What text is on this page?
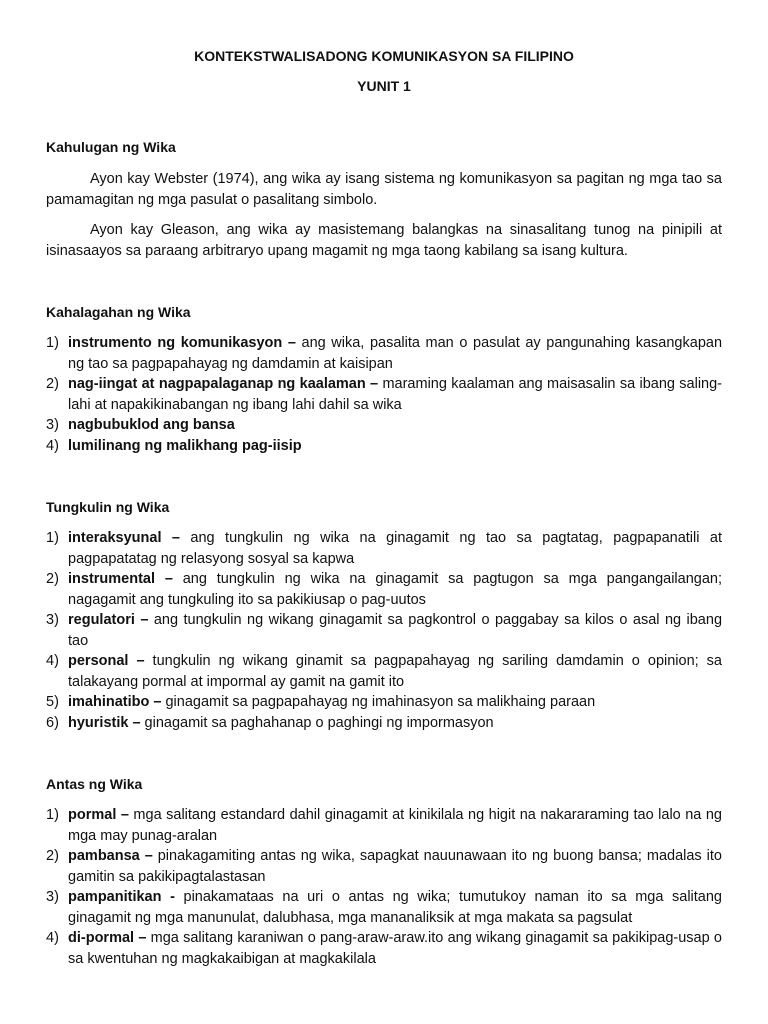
KONTEKSTWALISADONG KOMUNIKASYON SA FILIPINO
YUNIT 1
Kahulugan ng Wika
Ayon kay Webster (1974), ang wika ay isang sistema ng komunikasyon sa pagitan ng mga tao sa pamamagitan ng mga pasulat o pasalitang simbolo.
Ayon kay Gleason, ang wika ay masistemang balangkas na sinasalitang tunog na pinipili at isinasaayos sa paraang arbitraryo upang magamit ng mga taong kabilang sa isang kultura.
Kahalagahan ng Wika
1) instrumento ng komunikasyon – ang wika, pasalita man o pasulat ay pangunahing kasangkapan ng tao sa pagpapahayag ng damdamin at kaisipan
2) nag-iingat at nagpapalaganap ng kaalaman – maraming kaalaman ang maisasalin sa ibang saling-lahi at napakikinabangan ng ibang lahi dahil sa wika
3) nagbubuklod ang bansa
4) lumilinang ng malikhang pag-iisip
Tungkulin ng Wika
1) interaksyunal – ang tungkulin ng wika na ginagamit ng tao sa pagtatag, pagpapanatili at pagpapatatag ng relasyong sosyal sa kapwa
2) instrumental – ang tungkulin ng wika na ginagamit sa pagtugon sa mga pangangailangan; nagagamit ang tungkuling ito sa pakikiusap o pag-uutos
3) regulatori – ang tungkulin ng wikang ginagamit sa pagkontrol o paggabay sa kilos o asal ng ibang tao
4) personal – tungkulin ng wikang ginamit sa pagpapahayag ng sariling damdamin o opinion; sa talakayang pormal at impormal ay gamit na gamit ito
5) imahinatibo – ginagamit sa pagpapahayag ng imahinasyon sa malikhaing paraan
6) hyuristik – ginagamit sa paghahanap o paghingi ng impormasyon
Antas ng Wika
1) pormal – mga salitang estandard dahil ginagamit at kinikilala ng higit na nakararaming tao lalo na ng mga may punag-aralan
2) pambansa – pinakagamiting antas ng wika, sapagkat nauunawaan ito ng buong bansa; madalas ito gamitin sa pakikipagtalastasan
3) pampanitikan - pinakamataas na uri o antas ng wika; tumutukoy naman ito sa mga salitang ginagamit ng mga manunulat, dalubhasa, mga mananaliksik at mga makata sa pagsulat
4) di-pormal – mga salitang karaniwan o pang-araw-araw.ito ang wikang ginagamit sa pakikipag-usap o sa kwentuhan ng magkakaibigan at magkakilala
